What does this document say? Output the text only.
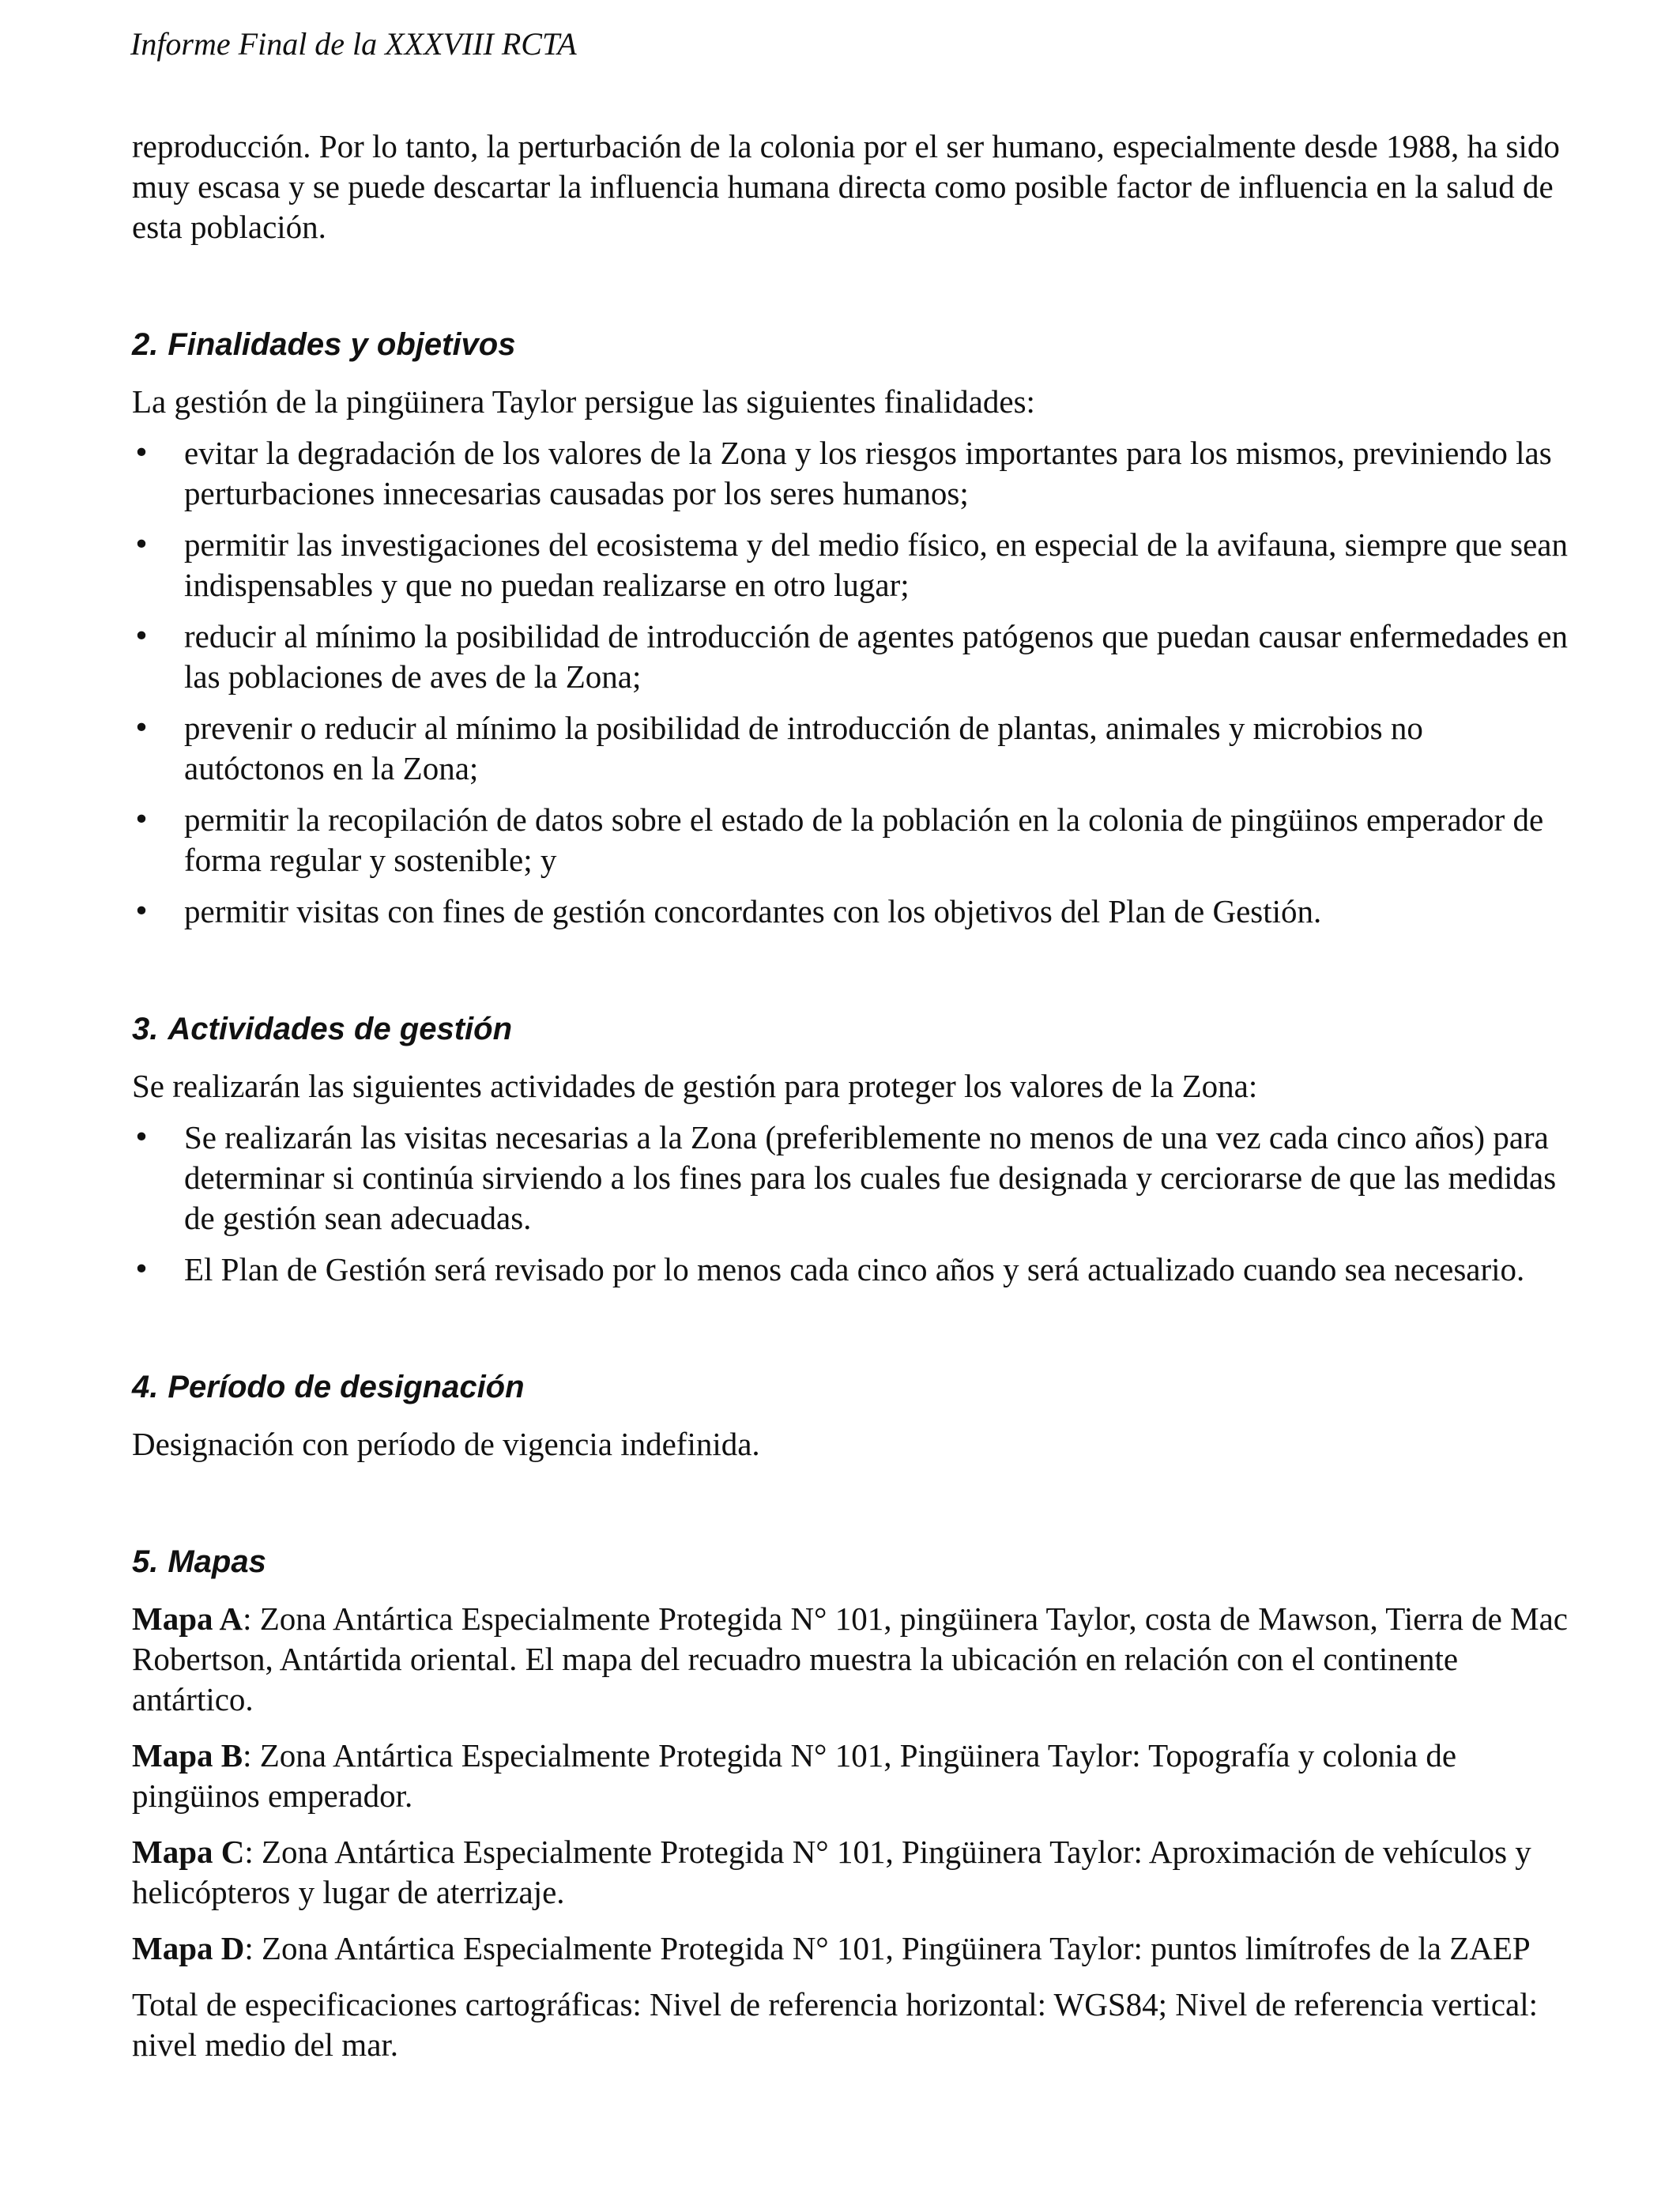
Informe Final de la XXXVIII RCTA

reproducción. Por lo tanto, la perturbación de la colonia por el ser humano, especialmente desde 1988, ha sido muy escasa y se puede descartar la influencia humana directa como posible factor de influencia en la salud de esta población.

2. Finalidades y objetivos

La gestión de la pingüinera Taylor persigue las siguientes finalidades:

• evitar la degradación de los valores de la Zona y los riesgos importantes para los mismos, previniendo las perturbaciones innecesarias causadas por los seres humanos;
• permitir las investigaciones del ecosistema y del medio físico, en especial de la avifauna, siempre que sean indispensables y que no puedan realizarse en otro lugar;
• reducir al mínimo la posibilidad de introducción de agentes patógenos que puedan causar enfermedades en las poblaciones de aves de la Zona;
• prevenir o reducir al mínimo la posibilidad de introducción de plantas, animales y microbios no autóctonos en la Zona;
• permitir la recopilación de datos sobre el estado de la población en la colonia de pingüinos emperador de forma regular y sostenible; y
• permitir visitas con fines de gestión concordantes con los objetivos del Plan de Gestión.
3. Actividades de gestión

Se realizarán las siguientes actividades de gestión para proteger los valores de la Zona:

• Se realizarán las visitas necesarias a la Zona (preferiblemente no menos de una vez cada cinco años) para determinar si continúa sirviendo a los fines para los cuales fue designada y cerciorarse de que las medidas de gestión sean adecuadas.
• El Plan de Gestión será revisado por lo menos cada cinco años y será actualizado cuando sea necesario.
4. Período de designación

Designación con período de vigencia indefinida.

5. Mapas

Mapa A: Zona Antártica Especialmente Protegida N° 101, pingüinera Taylor, costa de Mawson, Tierra de Mac Robertson, Antártida oriental. El mapa del recuadro muestra la ubicación en relación con el continente antártico.

Mapa B: Zona Antártica Especialmente Protegida N° 101, Pingüinera Taylor: Topografía y colonia de pingüinos emperador.

Mapa C: Zona Antártica Especialmente Protegida N° 101, Pingüinera Taylor: Aproximación de vehículos y helicópteros y lugar de aterrizaje.

Mapa D: Zona Antártica Especialmente Protegida N° 101, Pingüinera Taylor: puntos limítrofes de la ZAEP

Total de especificaciones cartográficas: Nivel de referencia horizontal: WGS84; Nivel de referencia vertical: nivel medio del mar.
